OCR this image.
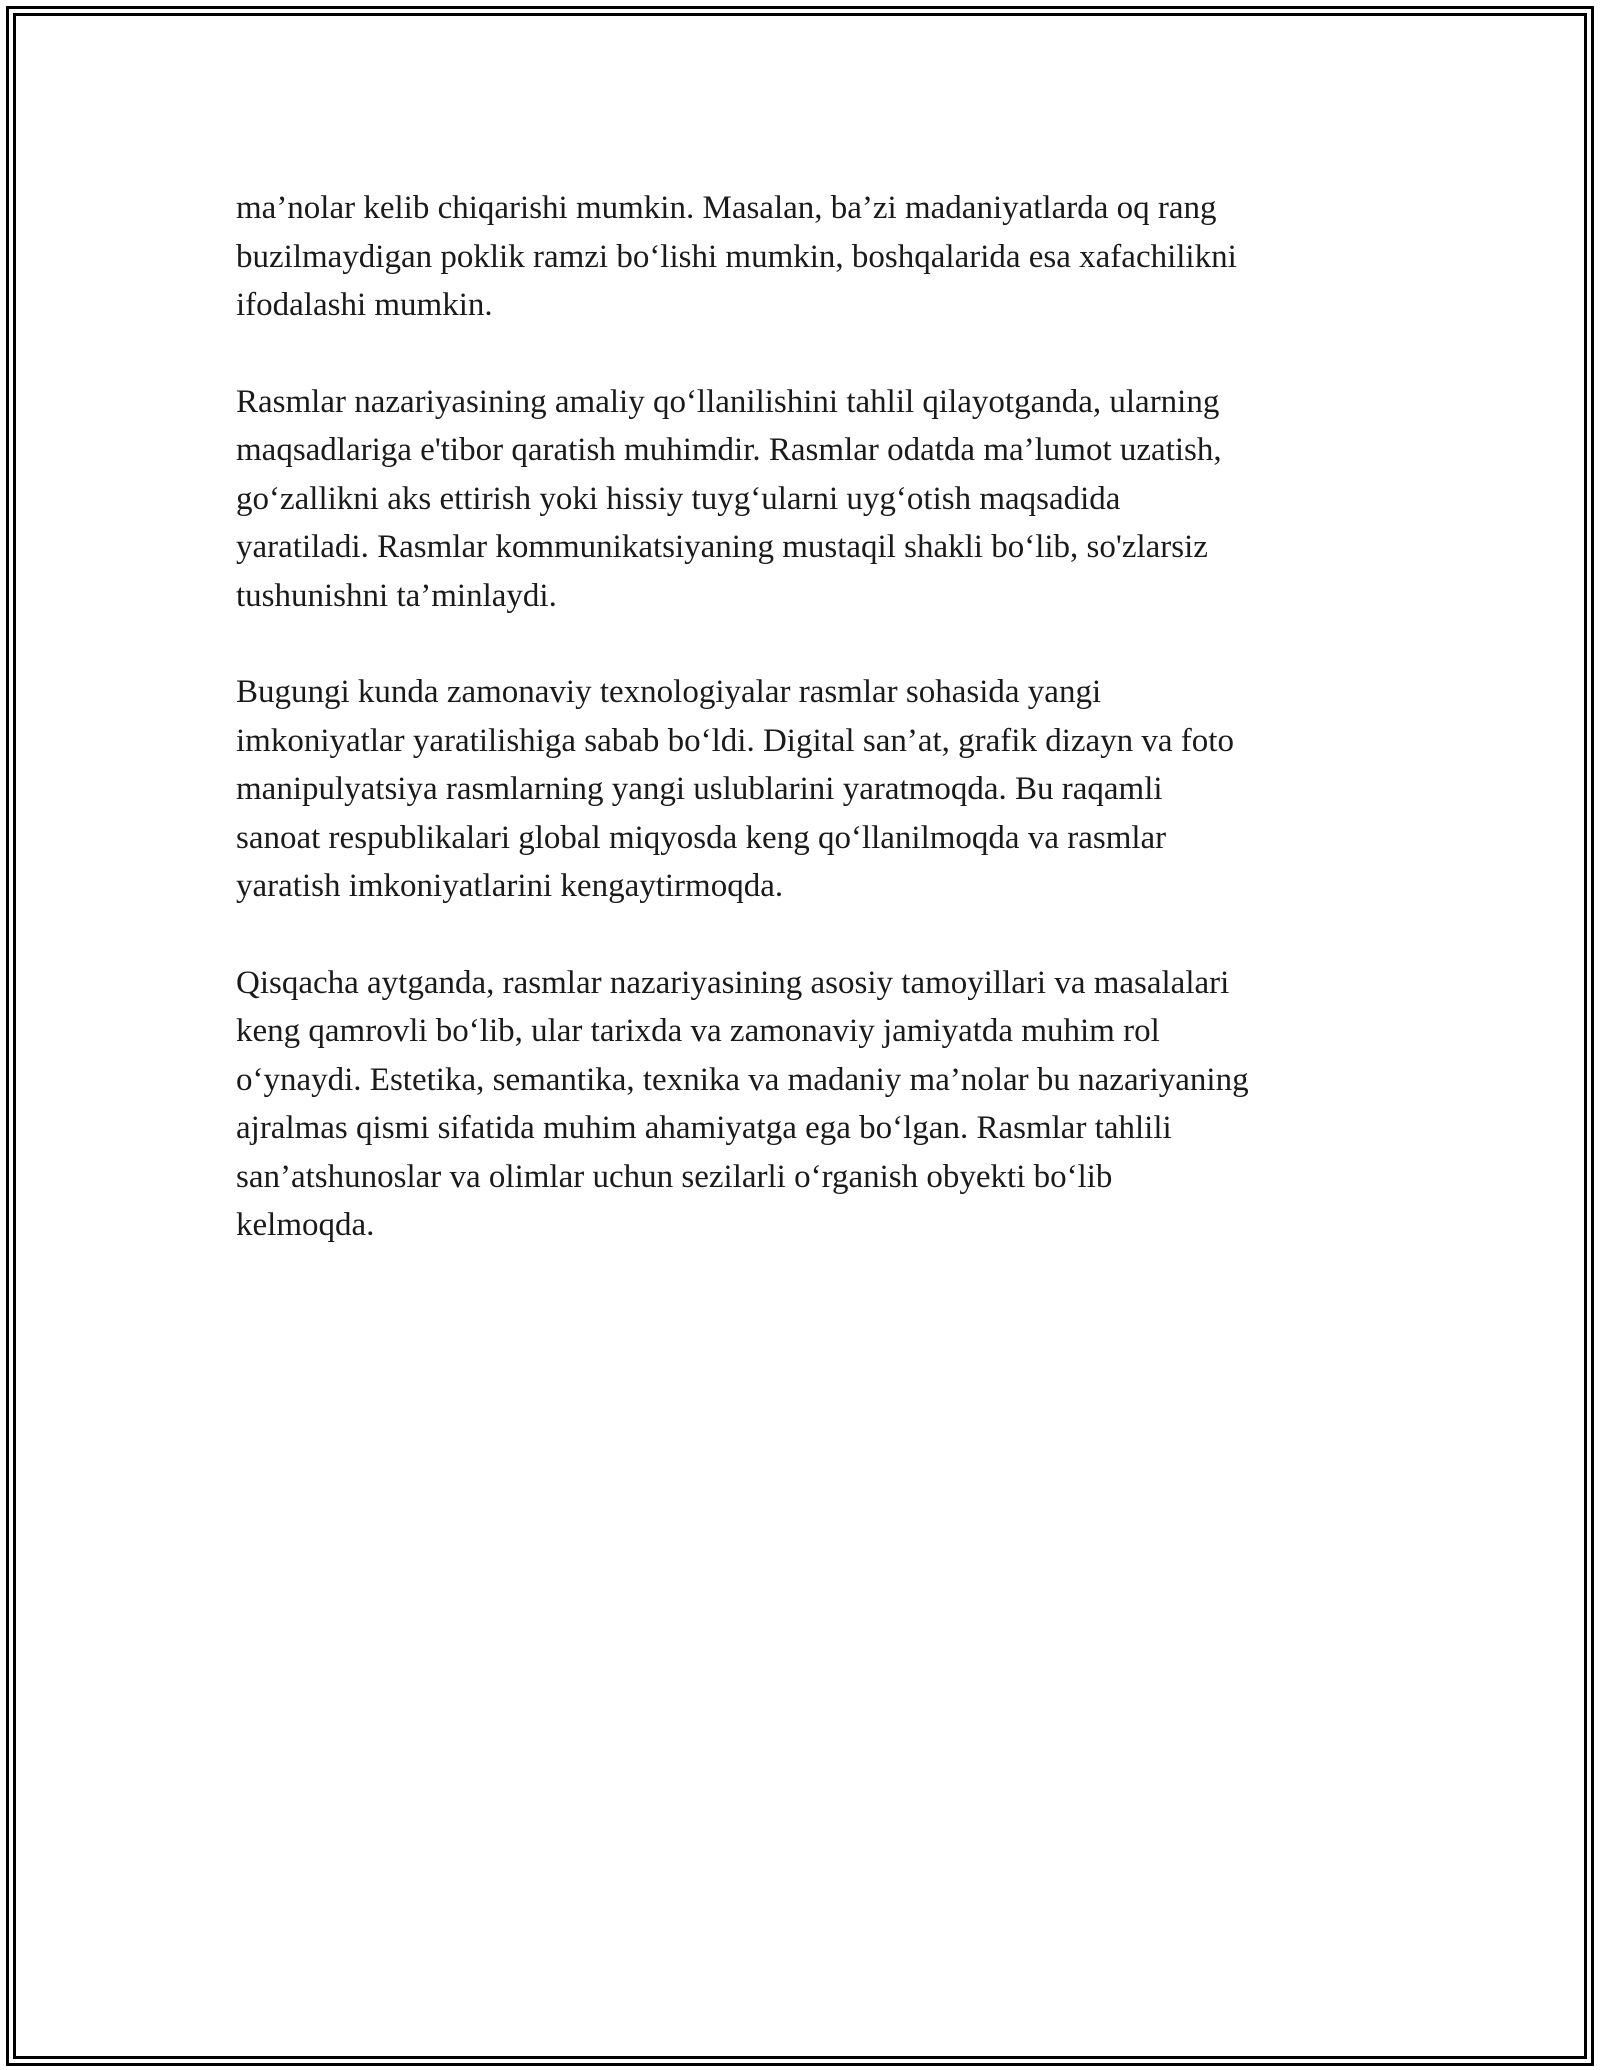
ma’nolar kelib chiqarishi mumkin. Masalan, ba’zi madaniyatlarda oq rang
buzilmaydigan poklik ramzi bo‘lishi mumkin, boshqalarida esa xafachilikni
ifodalashi mumkin.

Rasmlar nazariyasining amaliy qo‘llanilishini tahlil qilayotganda, ularning
maqsadlariga e'tibor qaratish muhimdir. Rasmlar odatda ma’lumot uzatish,
go‘zallikni aks ettirish yoki hissiy tuyg‘ularni uyg‘otish maqsadida
yaratiladi. Rasmlar kommunikatsiyaning mustaqil shakli bo‘lib, so'zlarsiz
tushunishni ta’minlaydi.

Bugungi kunda zamonaviy texnologiyalar rasmlar sohasida yangi
imkoniyatlar yaratilishiga sabab bo‘ldi. Digital san’at, grafik dizayn va foto
manipulyatsiya rasmlarning yangi uslublarini yaratmoqda. Bu raqamli
sanoat respublikalari global miqyosda keng qo‘llanilmoqda va rasmlar
yaratish imkoniyatlarini kengaytirmoqda.

Qisqacha aytganda, rasmlar nazariyasining asosiy tamoyillari va masalalari
keng qamrovli bo‘lib, ular tarixda va zamonaviy jamiyatda muhim rol
o‘ynaydi. Estetika, semantika, texnika va madaniy ma’nolar bu nazariyaning
ajralmas qismi sifatida muhim ahamiyatga ega bo‘lgan. Rasmlar tahlili
san’atshunoslar va olimlar uchun sezilarli o‘rganish obyekti bo‘lib
kelmoqda.
